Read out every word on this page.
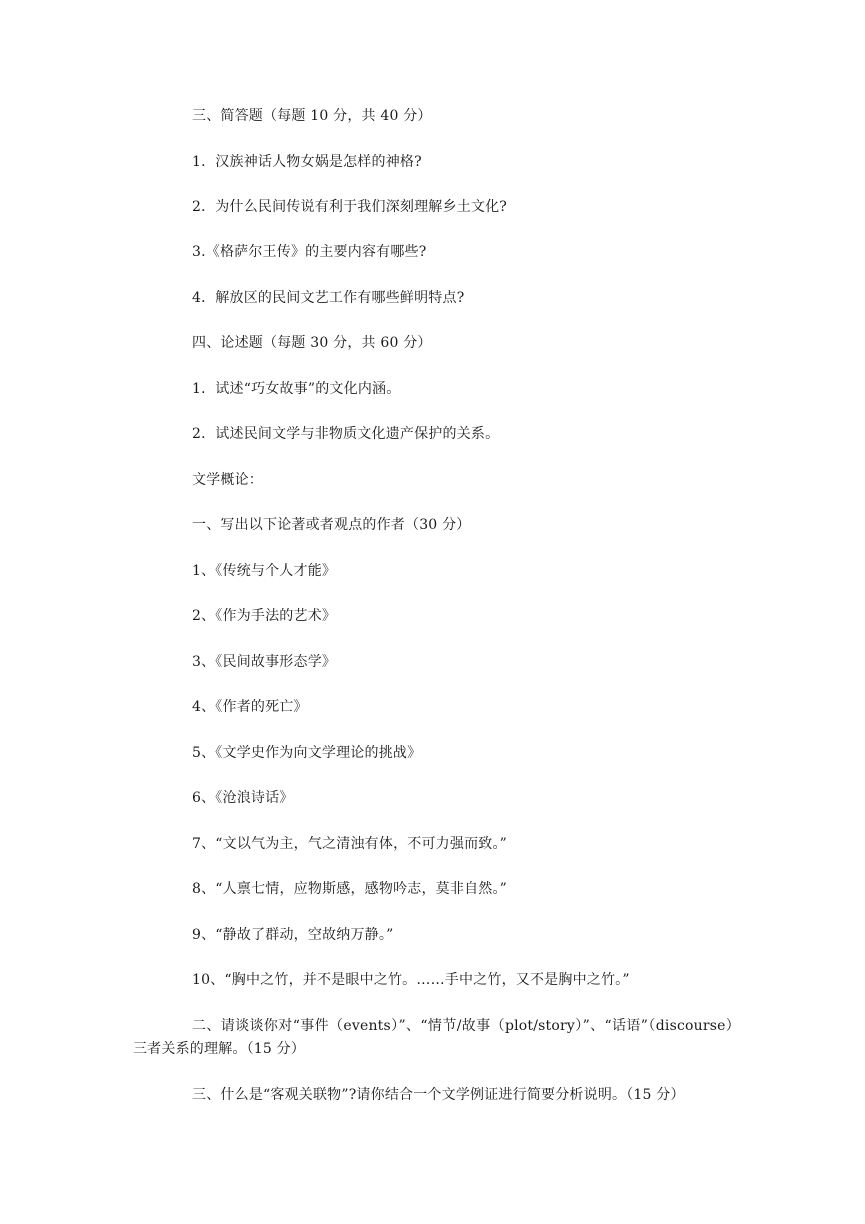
三、简答题（每题 10 分，共 40 分）
1．汉族神话人物女娲是怎样的神格?
2．为什么民间传说有利于我们深刻理解乡土文化?
3.《格萨尔王传》的主要内容有哪些?
4．解放区的民间文艺工作有哪些鲜明特点?
四、论述题（每题 30 分，共 60 分）
1．试述“巧女故事”的文化内涵。
2．试述民间文学与非物质文化遗产保护的关系。
文学概论：
一、写出以下论著或者观点的作者（30 分）
1、《传统与个人才能》
2、《作为手法的艺术》
3、《民间故事形态学》
4、《作者的死亡》
5、《文学史作为向文学理论的挑战》
6、《沧浪诗话》
7、“文以气为主，气之清浊有体，不可力强而致。”
8、“人禀七情，应物斯感，感物吟志，莫非自然。”
9、“静故了群动，空故纳万静。”
10、“胸中之竹，并不是眼中之竹。……手中之竹，又不是胸中之竹。”
二、请谈谈你对“事件（events）”、“情节/故事（plot/story）”、“话语”（discourse）三者关系的理解。（15 分）
三、什么是“客观关联物”?请你结合一个文学例证进行简要分析说明。（15 分）
